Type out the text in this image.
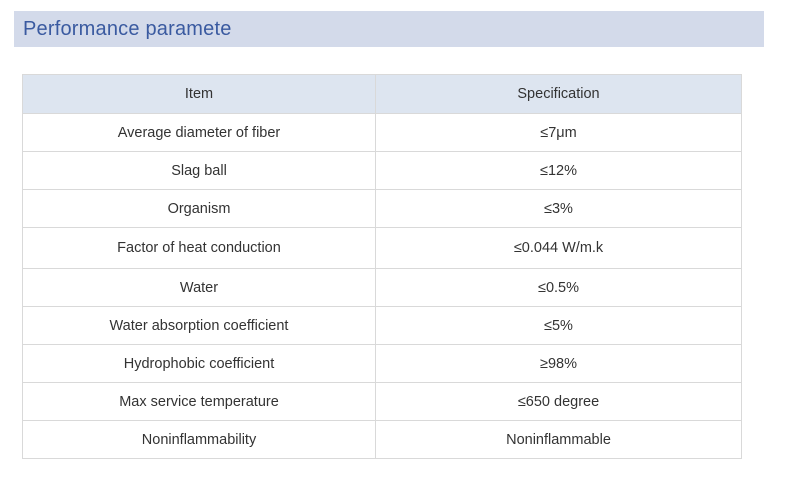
Performance paramete
Item	Specification
Average diameter of fiber	≤7μm
Slag ball	≤12%
Organism	≤3%
Factor of heat conduction	≤0.044 W/m.k
Water	≤0.5%
Water absorption coefficient	≤5%
Hydrophobic coefficient	≥98%
Max service temperature	≤650 degree
Noninflammability	Noninflammable
